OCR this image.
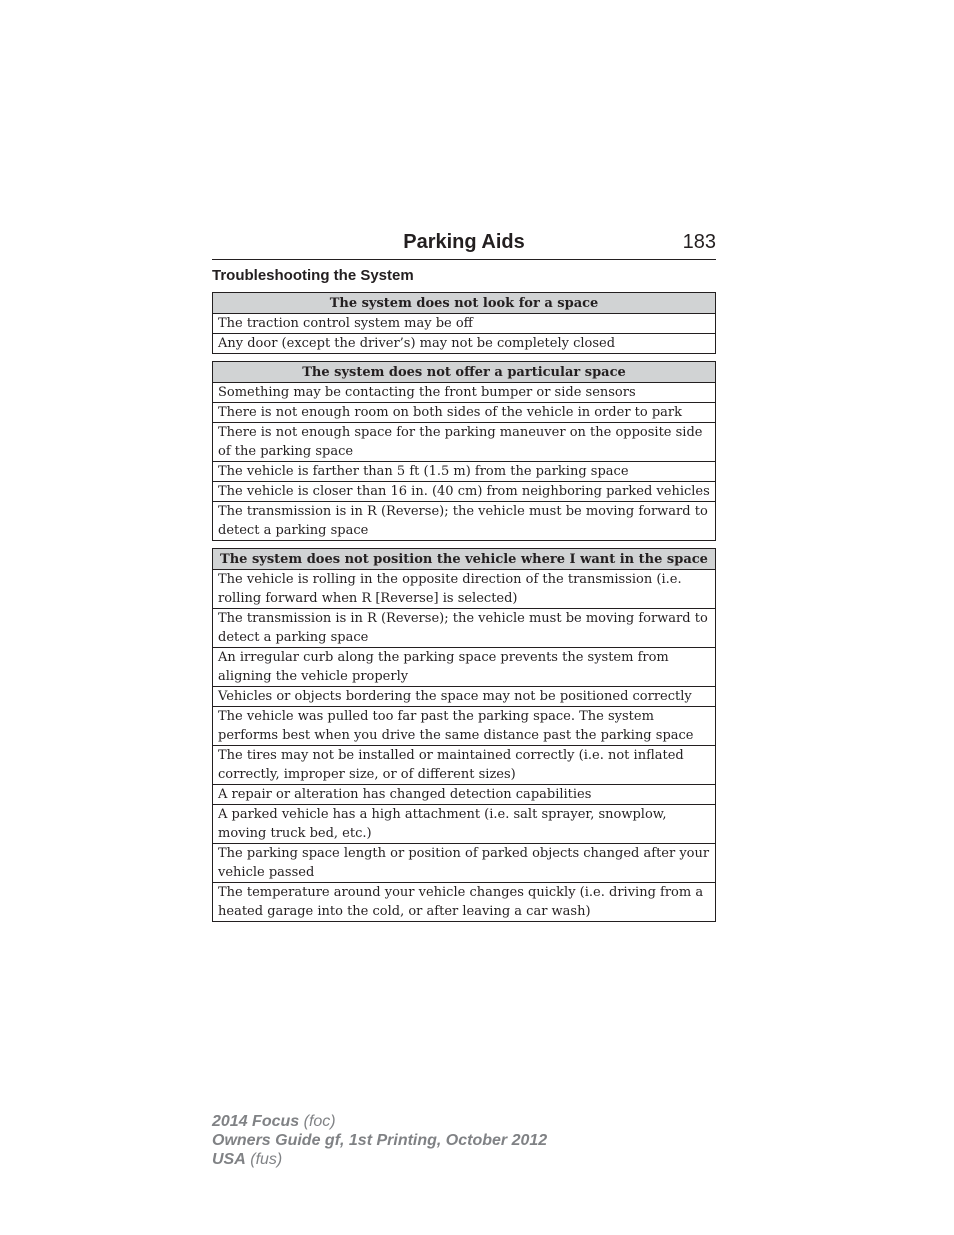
Parking Aids	183
Troubleshooting the System
The system does not look for a space
The traction control system may be off
Any door (except the driver’s) may not be completely closed
The system does not offer a particular space
Something may be contacting the front bumper or side sensors
There is not enough room on both sides of the vehicle in order to park
There is not enough space for the parking maneuver on the opposite side of the parking space
The vehicle is farther than 5 ft (1.5 m) from the parking space
The vehicle is closer than 16 in. (40 cm) from neighboring parked vehicles
The transmission is in R (Reverse); the vehicle must be moving forward to detect a parking space
The system does not position the vehicle where I want in the space
The vehicle is rolling in the opposite direction of the transmission (i.e. rolling forward when R [Reverse] is selected)
The transmission is in R (Reverse); the vehicle must be moving forward to detect a parking space
An irregular curb along the parking space prevents the system from aligning the vehicle properly
Vehicles or objects bordering the space may not be positioned correctly
The vehicle was pulled too far past the parking space. The system performs best when you drive the same distance past the parking space
The tires may not be installed or maintained correctly (i.e. not inflated correctly, improper size, or of different sizes)
A repair or alteration has changed detection capabilities
A parked vehicle has a high attachment (i.e. salt sprayer, snowplow, moving truck bed, etc.)
The parking space length or position of parked objects changed after your vehicle passed
The temperature around your vehicle changes quickly (i.e. driving from a heated garage into the cold, or after leaving a car wash)
2014 Focus (foc)
Owners Guide gf, 1st Printing, October 2012
USA (fus)
